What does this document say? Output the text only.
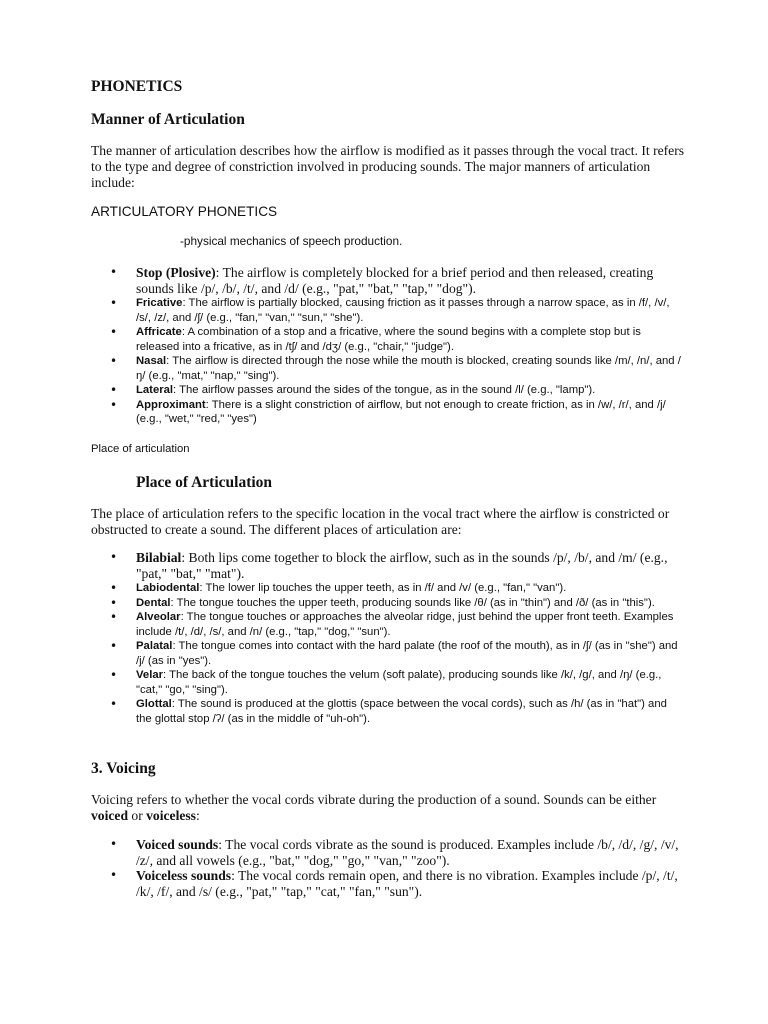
PHONETICS
Manner of Articulation
The manner of articulation describes how the airflow is modified as it passes through the vocal tract. It refers to the type and degree of constriction involved in producing sounds. The major manners of articulation include:
ARTICULATORY PHONETICS
-physical mechanics of speech production.
• Stop (Plosive): The airflow is completely blocked for a brief period and then released, creating sounds like /p/, /b/, /t/, and /d/ (e.g., "pat," "bat," "tap," "dog").
• Fricative: The airflow is partially blocked, causing friction as it passes through a narrow space, as in /f/, /v/, /s/, /z/, and /ʃ/ (e.g., "fan," "van," "sun," "she").
• Affricate: A combination of a stop and a fricative, where the sound begins with a complete stop but is released into a fricative, as in /tʃ/ and /dʒ/ (e.g., "chair," "judge").
• Nasal: The airflow is directed through the nose while the mouth is blocked, creating sounds like /m/, /n/, and /ŋ/ (e.g., "mat," "nap," "sing").
• Lateral: The airflow passes around the sides of the tongue, as in the sound /l/ (e.g., "lamp").
• Approximant: There is a slight constriction of airflow, but not enough to create friction, as in /w/, /r/, and /j/ (e.g., "wet," "red," "yes")
Place of articulation
Place of Articulation
The place of articulation refers to the specific location in the vocal tract where the airflow is constricted or obstructed to create a sound. The different places of articulation are:
• Bilabial: Both lips come together to block the airflow, such as in the sounds /p/, /b/, and /m/ (e.g., "pat," "bat," "mat").
• Labiodental: The lower lip touches the upper teeth, as in /f/ and /v/ (e.g., "fan," "van").
• Dental: The tongue touches the upper teeth, producing sounds like /θ/ (as in "thin") and /ð/ (as in "this").
• Alveolar: The tongue touches or approaches the alveolar ridge, just behind the upper front teeth. Examples include /t/, /d/, /s/, and /n/ (e.g., "tap," "dog," "sun").
• Palatal: The tongue comes into contact with the hard palate (the roof of the mouth), as in /ʃ/ (as in "she") and /j/ (as in "yes").
• Velar: The back of the tongue touches the velum (soft palate), producing sounds like /k/, /g/, and /ŋ/ (e.g., "cat," "go," "sing").
• Glottal: The sound is produced at the glottis (space between the vocal cords), such as /h/ (as in "hat") and the glottal stop /ʔ/ (as in the middle of "uh-oh").
3. Voicing
Voicing refers to whether the vocal cords vibrate during the production of a sound. Sounds can be either voiced or voiceless:
• Voiced sounds: The vocal cords vibrate as the sound is produced. Examples include /b/, /d/, /g/, /v/, /z/, and all vowels (e.g., "bat," "dog," "go," "van," "zoo").
• Voiceless sounds: The vocal cords remain open, and there is no vibration. Examples include /p/, /t/, /k/, /f/, and /s/ (e.g., "pat," "tap," "cat," "fan," "sun").
